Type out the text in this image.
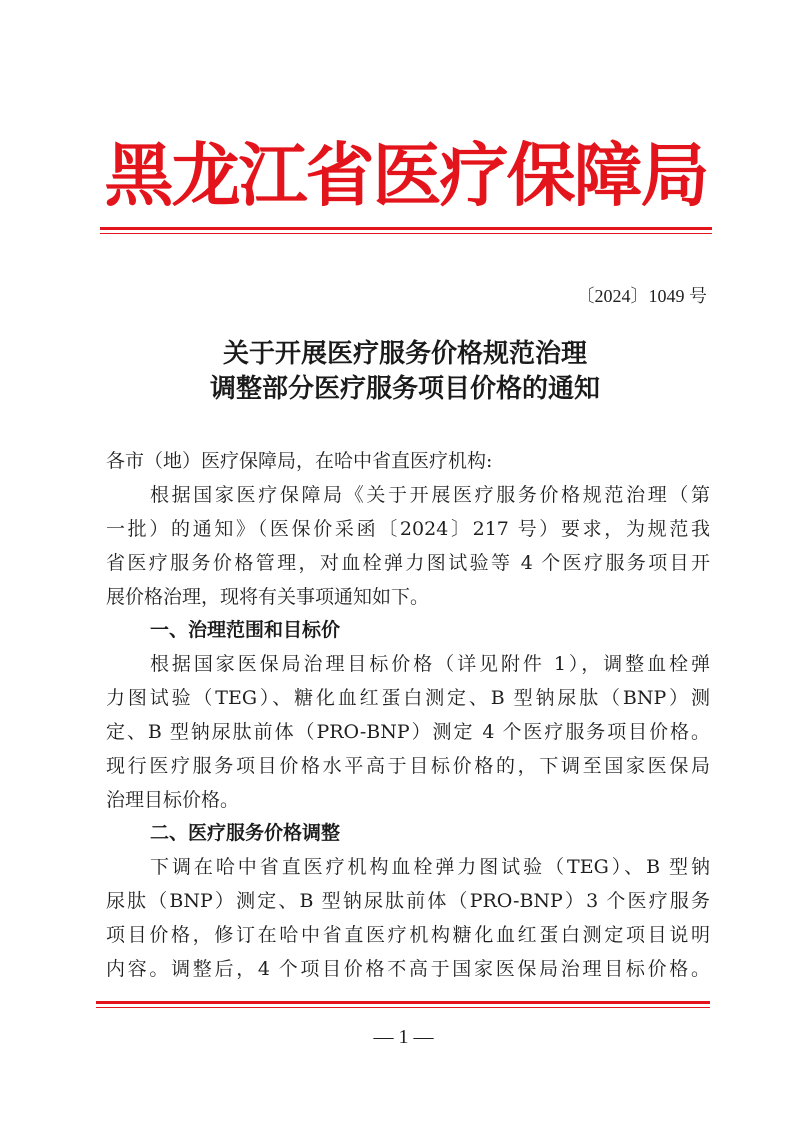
黑龙江省医疗保障局
〔2024〕1049 号
关于开展医疗服务价格规范治理
调整部分医疗服务项目价格的通知
各市（地）医疗保障局，在哈中省直医疗机构:
根据国家医疗保障局《关于开展医疗服务价格规范治理（第
一批）的通知》（医保价采函〔2024〕217 号）要求，为规范我
省医疗服务价格管理，对血栓弹力图试验等 4 个医疗服务项目开
展价格治理，现将有关事项通知如下。
一、治理范围和目标价
根据国家医保局治理目标价格（详见附件 1），调整血栓弹
力图试验（TEG）、糖化血红蛋白测定、B 型钠尿肽（BNP）测
定、B 型钠尿肽前体（PRO-BNP）测定 4 个医疗服务项目价格。
现行医疗服务项目价格水平高于目标价格的，下调至国家医保局
治理目标价格。
二、医疗服务价格调整
下调在哈中省直医疗机构血栓弹力图试验（TEG）、B 型钠
尿肽（BNP）测定、B 型钠尿肽前体（PRO-BNP）3 个医疗服务
项目价格，修订在哈中省直医疗机构糖化血红蛋白测定项目说明
内容。调整后，4 个项目价格不高于国家医保局治理目标价格。
— 1 —
